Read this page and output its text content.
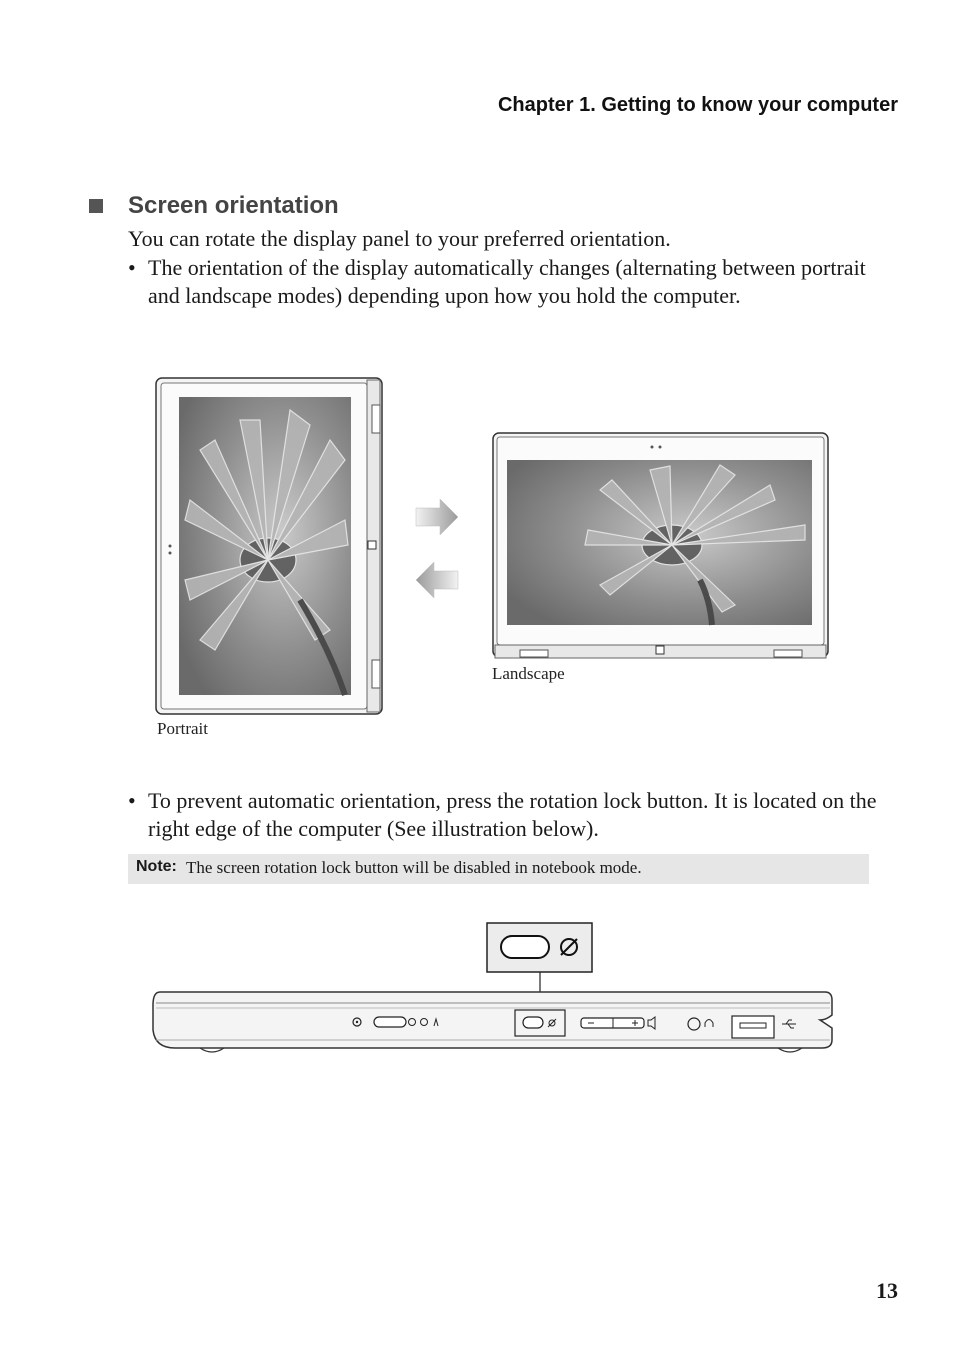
Chapter 1. Getting to know your computer
Screen orientation
You can rotate the display panel to your preferred orientation.
• The orientation of the display automatically changes (alternating between portrait and landscape modes) depending upon how you hold the computer.
Landscape
Portrait
• To prevent automatic orientation, press the rotation lock button. It is located on the right edge of the computer (See illustration below).
Note: The screen rotation lock button will be disabled in notebook mode.
13
